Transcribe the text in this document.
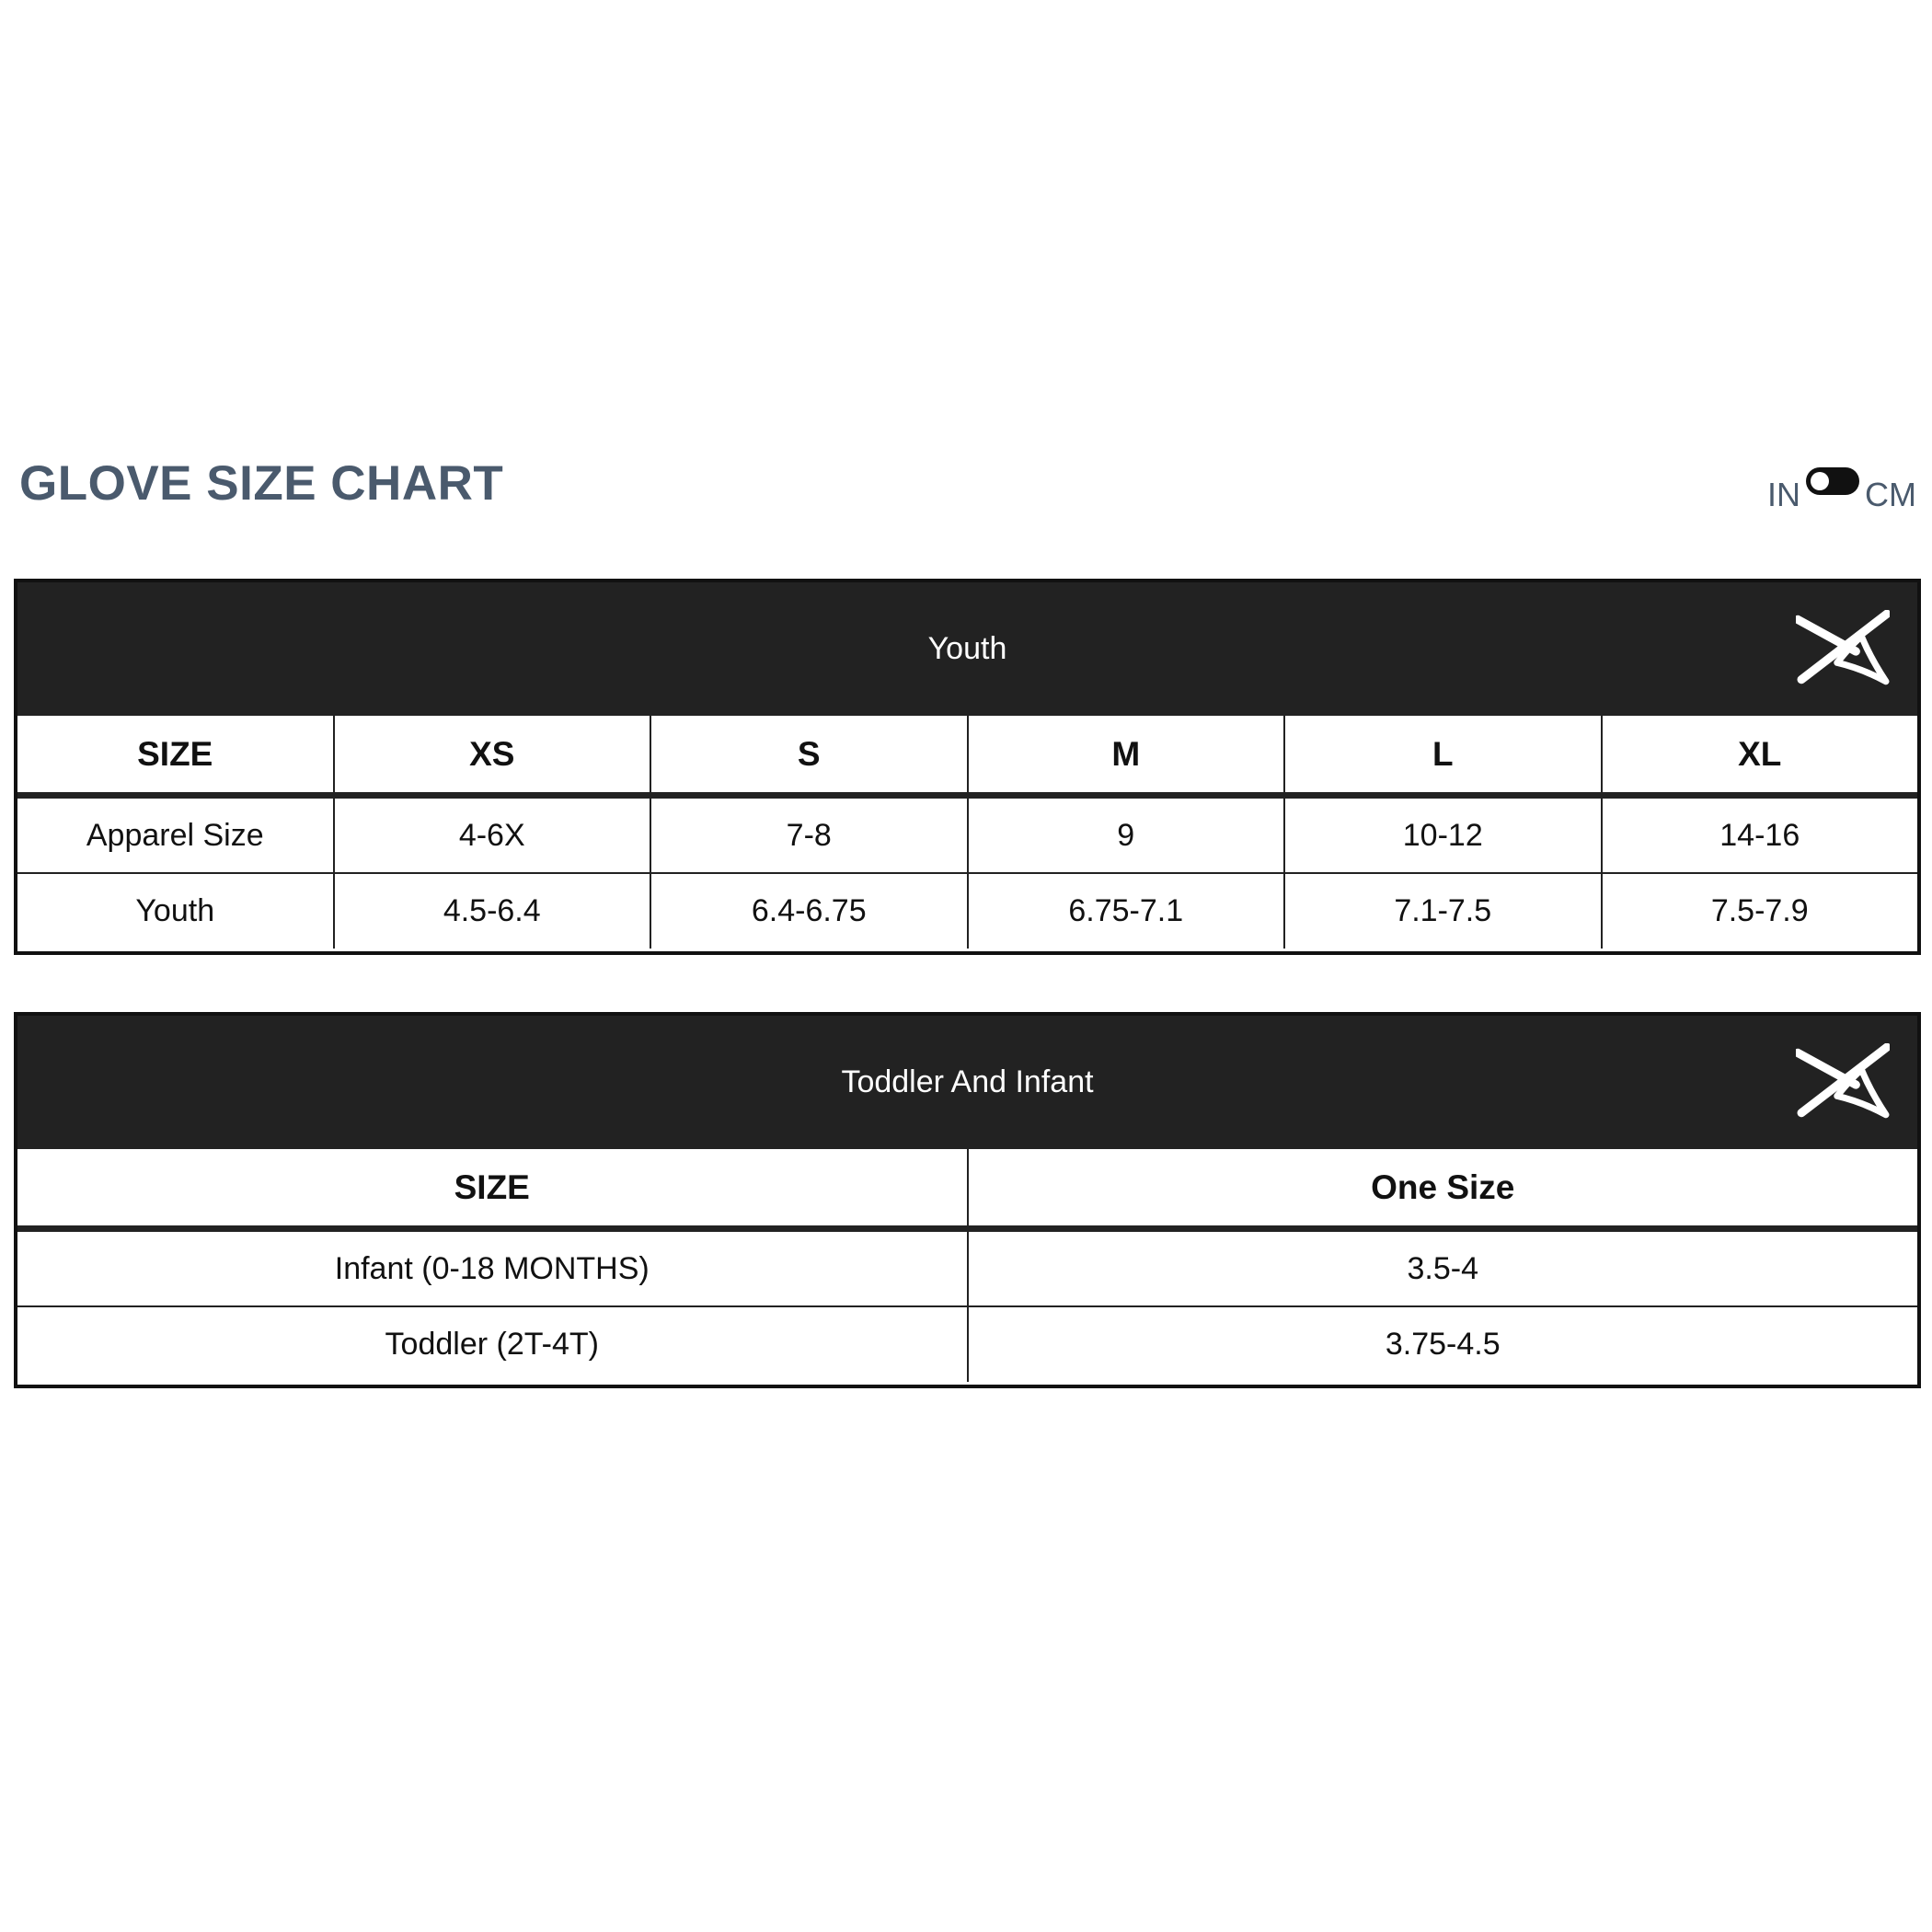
GLOVE SIZE CHART	IN CM
Youth
SIZE	XS	S	M	L	XL
Apparel Size	4-6X	7-8	9	10-12	14-16
Youth	4.5-6.4	6.4-6.75	6.75-7.1	7.1-7.5	7.5-7.9
Toddler And Infant
SIZE	One Size
Infant (0-18 MONTHS)	3.5-4
Toddler (2T-4T)	3.75-4.5
